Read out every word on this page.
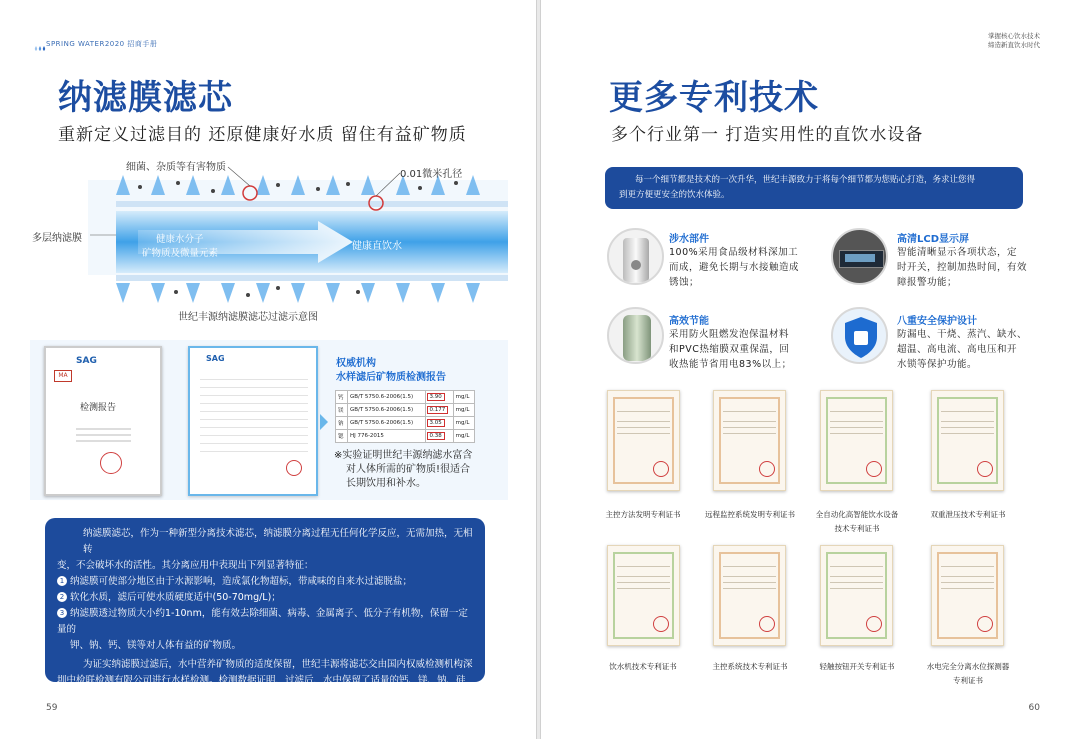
SPRING WATER2020 招商手册
纳滤膜滤芯
重新定义过滤目的 还原健康好水质 留住有益矿物质
细菌、杂质等有害物质
0.01微米孔径
多层纳滤膜	健康水分子
矿物质及微量元素
健康直饮水
世纪丰源纳滤膜滤芯过滤示意图
SAG
MA
检测报告
SAG	权威机构
水样滤后矿物质检测报告
钙	GB/T 5750.6-2006(1.5)	3.90	mg/L
镁	GB/T 5750.6-2006(1.5)	0.177	mg/L
钠	GB/T 5750.6-2006(1.5)	3.05	mg/L
锶	HJ 776-2015	0.38	mg/L
※实验证明世纪丰源纳滤水富含
对人体所需的矿物质!很适合
长期饮用和补水。

纳滤膜滤芯，作为一种新型分离技术滤芯，纳滤膜分离过程无任何化学反应，无需加热，无相转

变，不会破坏水的活性。其分离应用中表现出下列显著特征：

1 纳滤膜可使部分地区由于水源影响，造成氯化物超标，带咸味的自来水过滤脱盐；

2 软化水质，滤后可使水质硬度适中(50-70mg/L)；

3 纳滤膜透过物质大小约1-10nm，能有效去除细菌、病毒、金属离子、低分子有机物，保留一定量的

钾、钠、钙、镁等对人体有益的矿物质。

为证实纳滤膜过滤后，水中营养矿物质的适度保留，世纪丰源将滤芯交由国内权威检测机构深

圳中检联检测有限公司进行水样检测。检测数据证明，过滤后，水中保留了适量的钙、镁、钠、硅等有

益矿物质，也证明了水中砷、汞、铅等有害物质被成功滤除后，符合生活饮用水卫生标准。

59
掌握核心饮水技术
缔造新直饮水时代
更多专利技术
多个行业第一 打造实用性的直饮水设备

每一个细节都是技术的一次升华，世纪丰源致力于将每个细节都为您贴心打造，务求让您得

到更方便更安全的饮水体验。

涉水部件
100%采用食品级材料深加工
而成，避免长期与水接触造成
锈蚀；
高清LCD显示屏
智能清晰显示各项状态，定
时开关，控制加热时间，有效
障报警功能；
高效节能
采用防火阻燃发泡保温材料
和PVC热缩膜双重保温，回
收热能节省用电83%以上；
八重安全保护设计
防漏电、干烧、蒸汽、缺水、
超温、高电流、高电压和开
水锁等保护功能。
主控方法发明专利证书	远程监控系统发明专利证书	全自动化高智能饮水设备
技术专利证书
双重泄压技术专利证书
饮水机技术专利证书	主控系统技术专利证书	轻触按钮开关专利证书	水电完全分离水位探测器
专利证书
60
